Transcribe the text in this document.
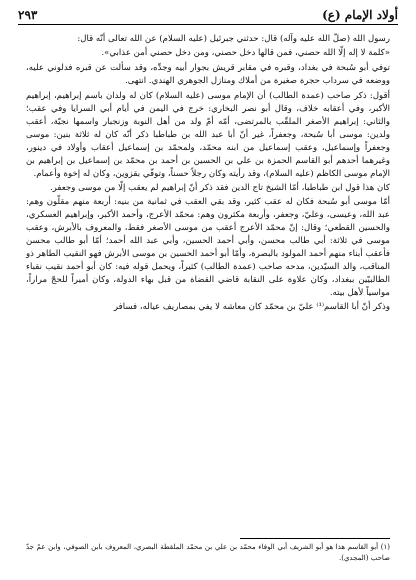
أولاد الإمام (ع)
٢٩٣

رسول الله (صلّ الله عليه وآله) قال: حدثني جبرئيل (عليه السلام) عن الله تعالى أنّه قال:

«كلمة لا إله إلّا الله حصني، فمن قالها دخل حصني، ومن دخل حصني أمن عذابي».

توفي أبو سُبحة في بغداد، وقبره في مقابر قريش بجوار أبيه وجدِّه، وقد سألت عن قبره فدلوني عليه، ووضعه في سرداب حجرة صغيرة من أملاك ومنازل الجوهري الهندي. انتهى.

أقول: ذكر صاحب (عمدة الطالب) أن الإمام موسى (عليه السلام) كان له ولدان باسم إبراهيم، إبراهيم الأكبر، وفي أعقابه خلاف، وقال أبو نصر البخاري: خرج في اليمن في أيام أبي السرايا وفي عقب؛ والثاني: إبراهيم الأصغر الملقّب بالمرتضى، أمّه أمّ ولد من أهل النوبة وزنجبار واسمها نجيّة، أعقب ولدين: موسى أبا سُبحة، وجعفراً، غير أنّ أبا عبد الله بن طباطبا ذكر أنّه كان له ثلاثة بنين: موسى وجعفراً وإسماعيل، وعقب إسماعيل من ابنه محمّد، ولمحمّد بن إسماعيل أعقاب وأولاد في دينور، وغيرهما أحدهم أبو القاسم الحمزة بن علي بن الحسين بن أحمد بن محمّد بن إسماعيل بن إبراهيم بن الإمام موسى الكاظم (عليه السلام)، وقد رأيته وكان رجلاً حسناً، وتوفّي بقزوين، وكان له إخوة وأعمام.

كان هذا قول ابن طباطبا، أمّا الشيخ تاج الدين فقد ذكر أنّ إبراهيم لم يعقب إلّا من موسى وجعفر.

أمّا موسى أبو سُبحة فكان له عقب كثير، وقد بقي العقب في ثمانية من بنيه: أربعة منهم مقلّون وهم: عبد الله، وعيسى، وعليّ، وجعفر، وأربعة مكثرون وهم: محمّد الأعرج، وأحمد الأكبر، وإبراهيم العسكري، والحسين القطعي؛ وقال: إنّ محمّد الأعرج أعقب من موسى الأصغر فقط، والمعروف بالأبرش، وعقب موسى في ثلاثة: أبي طالب محسن، وأبي أحمد الحسين، وأبي عبد الله أحمد؛ أمّا أبو طالب محسن فأعقب أبناء منهم أحمد المولود بالبصرة، وأمّا أبو أحمد الحسين بن موسى الأبرش فهو النقيب الطاهر ذو المناقب، والد السيّدين، مدحه صاحب (عمدة الطالب) كثيراً، ويحمل قوله فيه: كان أبو أحمد نقيب نقباء الطالبيّين ببغداد، وكان علاوة على النقابة قاضي القضاة من قبل بهاء الدولة، وكان أميراً للحجّ مراراً، مواسياً لأهل بيته.

وذكر أنّ أبا القاسم⁽¹⁾ عليّ بن محمّد كان معاشه لا يفي بمصاريف عياله، فسافر

(١) أبو القاسم هذا هو أبو الشريف أبي الوفاء محمّد بن علي بن محمّد الملقطة البصري، المعروف بابن الصوفي، وابن عمّ جدّ صاحب (المجدي).
